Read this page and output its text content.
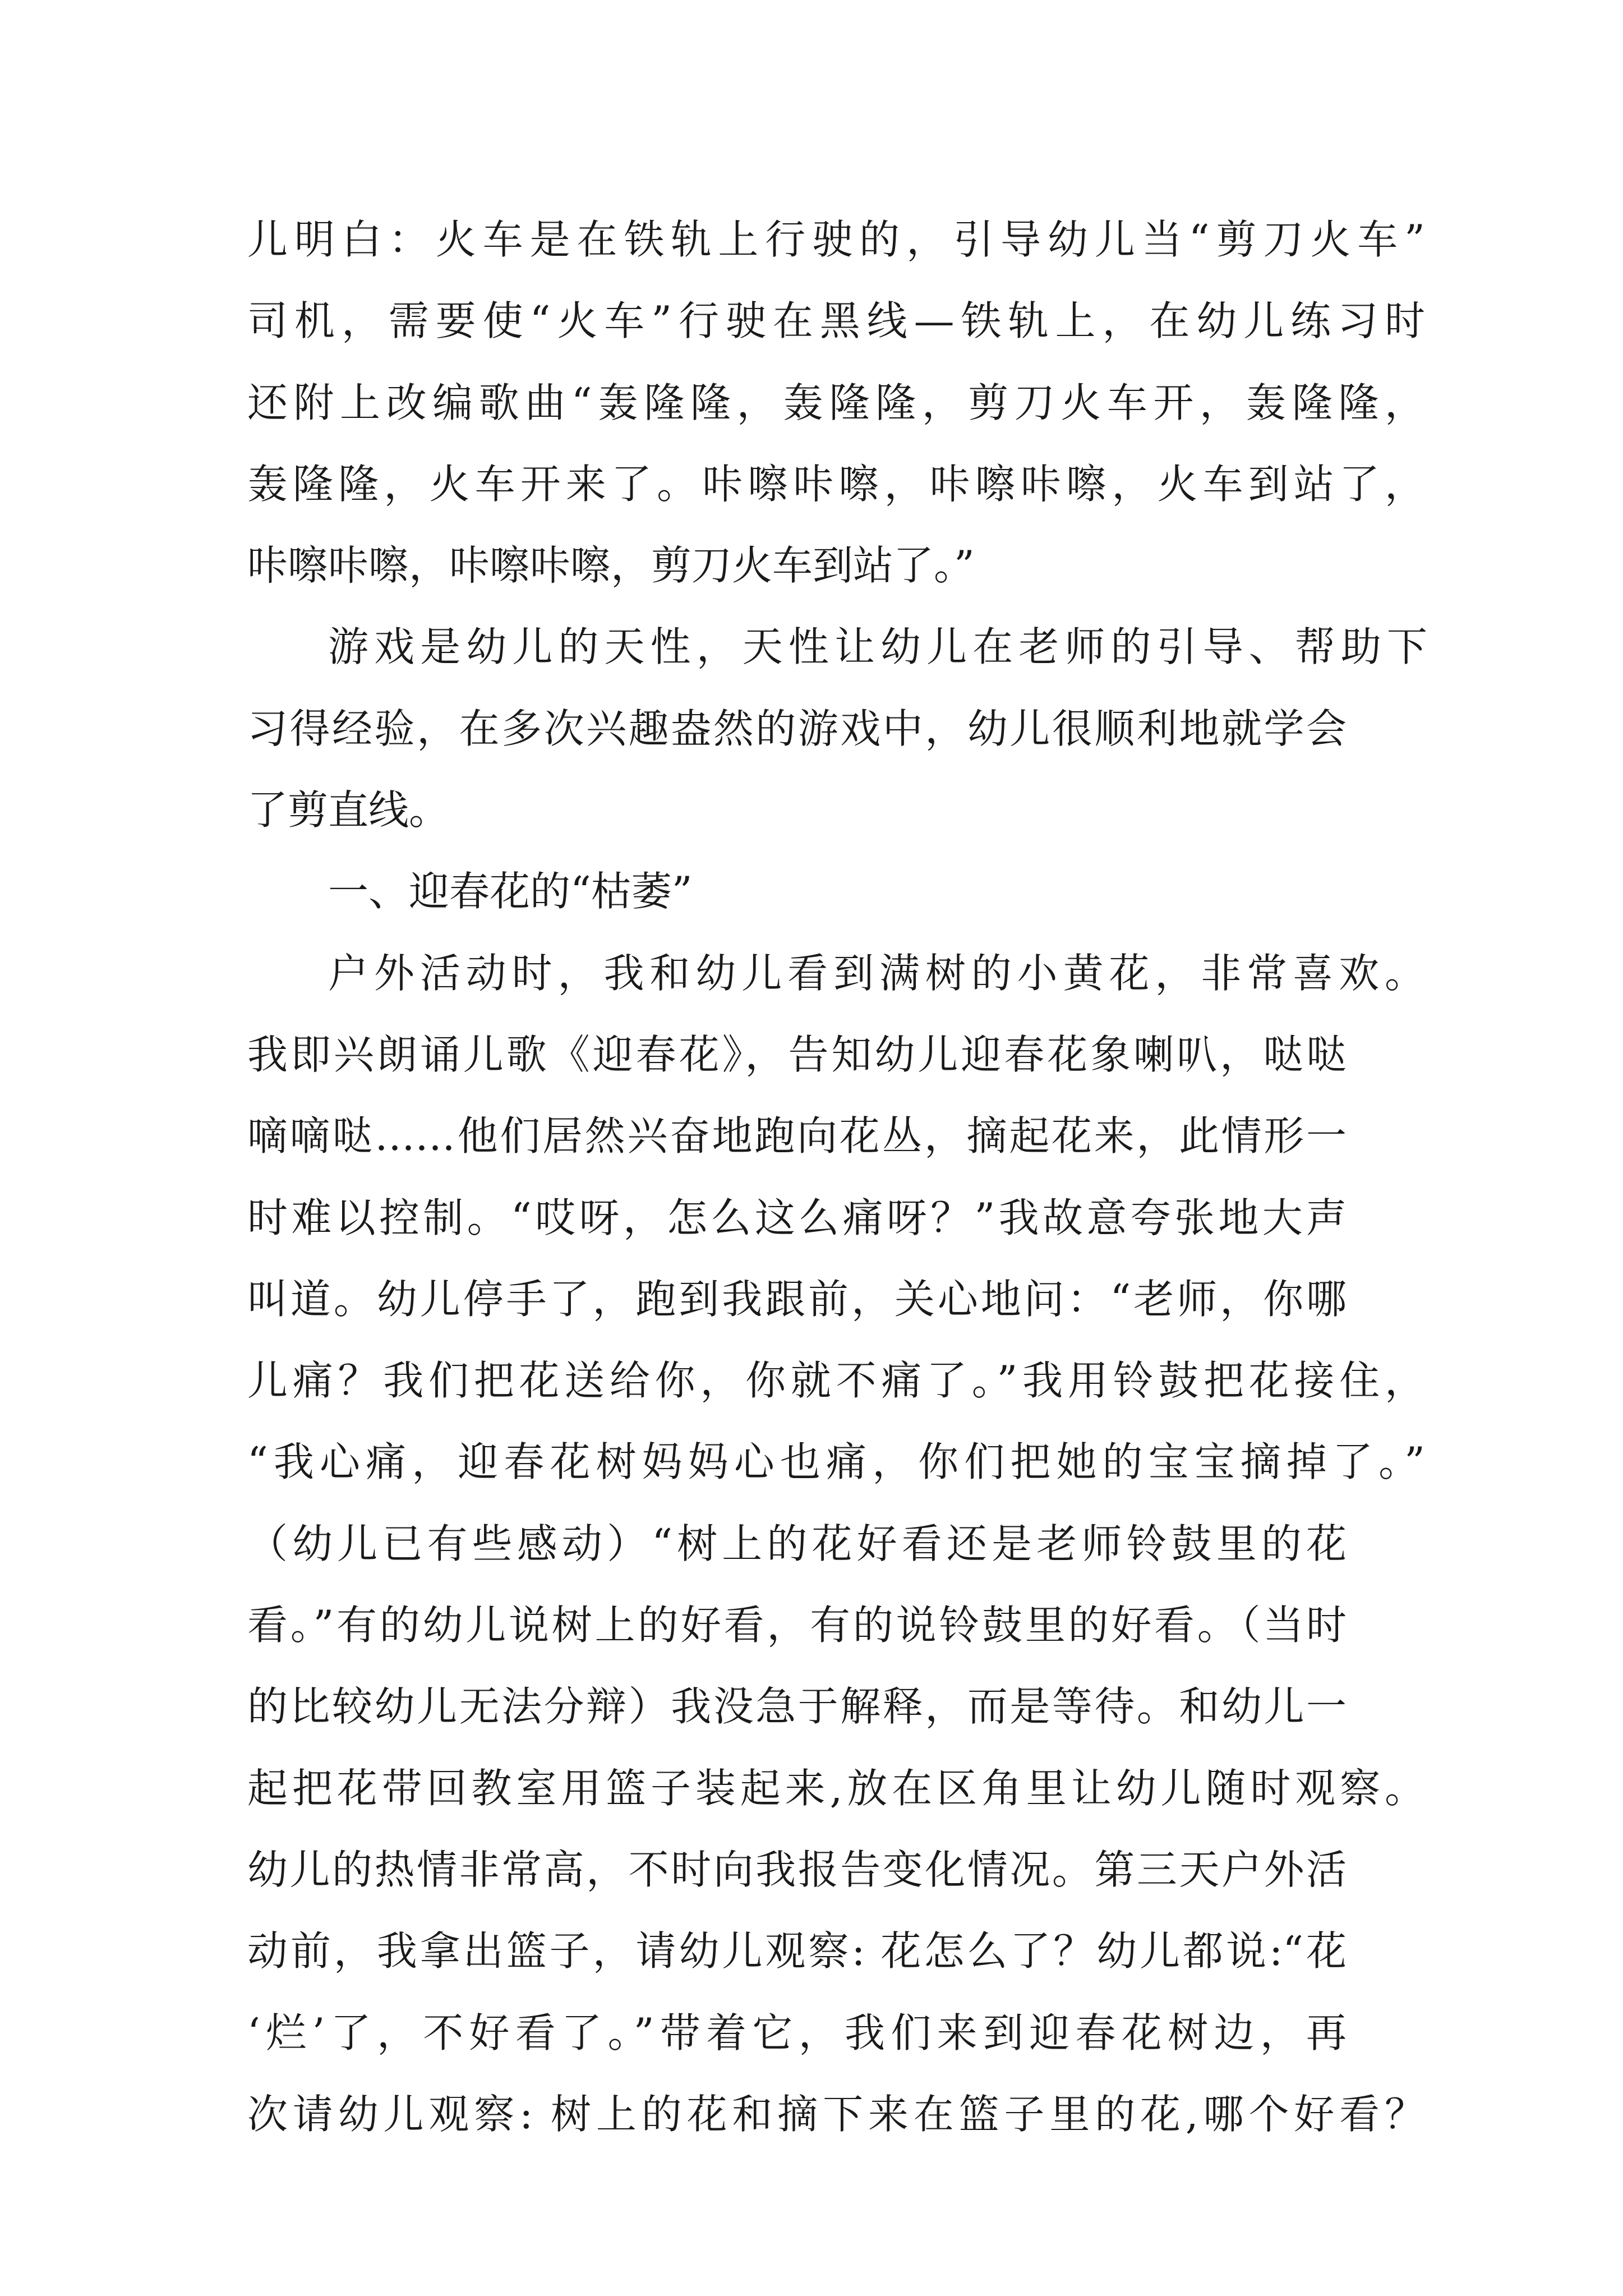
儿明白：火车是在铁轨上行驶的，引导幼儿当“剪刀火车”
司机，需要使“火车”行驶在黑线—铁轨上，在幼儿练习时
还附上改编歌曲“轰隆隆，轰隆隆，剪刀火车开，轰隆隆，
轰隆隆，火车开来了。咔嚓咔嚓，咔嚓咔嚓，火车到站了，
咔嚓咔嚓，咔嚓咔嚓，剪刀火车到站了。”
游戏是幼儿的天性，天性让幼儿在老师的引导、帮助下
习得经验，在多次兴趣盎然的游戏中，幼儿很顺利地就学会
了剪直线。
一、迎春花的“枯萎”
户外活动时，我和幼儿看到满树的小黄花，非常喜欢。
我即兴朗诵儿歌《迎春花》，告知幼儿迎春花象喇叭，哒哒
嘀嘀哒……他们居然兴奋地跑向花丛，摘起花来，此情形一
时难以控制。“哎呀，怎么这么痛呀？”我故意夸张地大声
叫道。幼儿停手了，跑到我跟前，关心地问：“老师，你哪
儿痛？我们把花送给你，你就不痛了。”我用铃鼓把花接住，
“我心痛，迎春花树妈妈心也痛，你们把她的宝宝摘掉了。”
（幼儿已有些感动）“树上的花好看还是老师铃鼓里的花
看。”有的幼儿说树上的好看，有的说铃鼓里的好看。（当时
的比较幼儿无法分辩）我没急于解释，而是等待。和幼儿一
起把花带回教室用篮子装起来,放在区角里让幼儿随时观察。
幼儿的热情非常高，不时向我报告变化情况。第三天户外活
动前，我拿出篮子，请幼儿观察: 花怎么了？幼儿都说:“花
‘烂’了，不好看了。”带着它，我们来到迎春花树边，再
次请幼儿观察: 树上的花和摘下来在篮子里的花,哪个好看？
